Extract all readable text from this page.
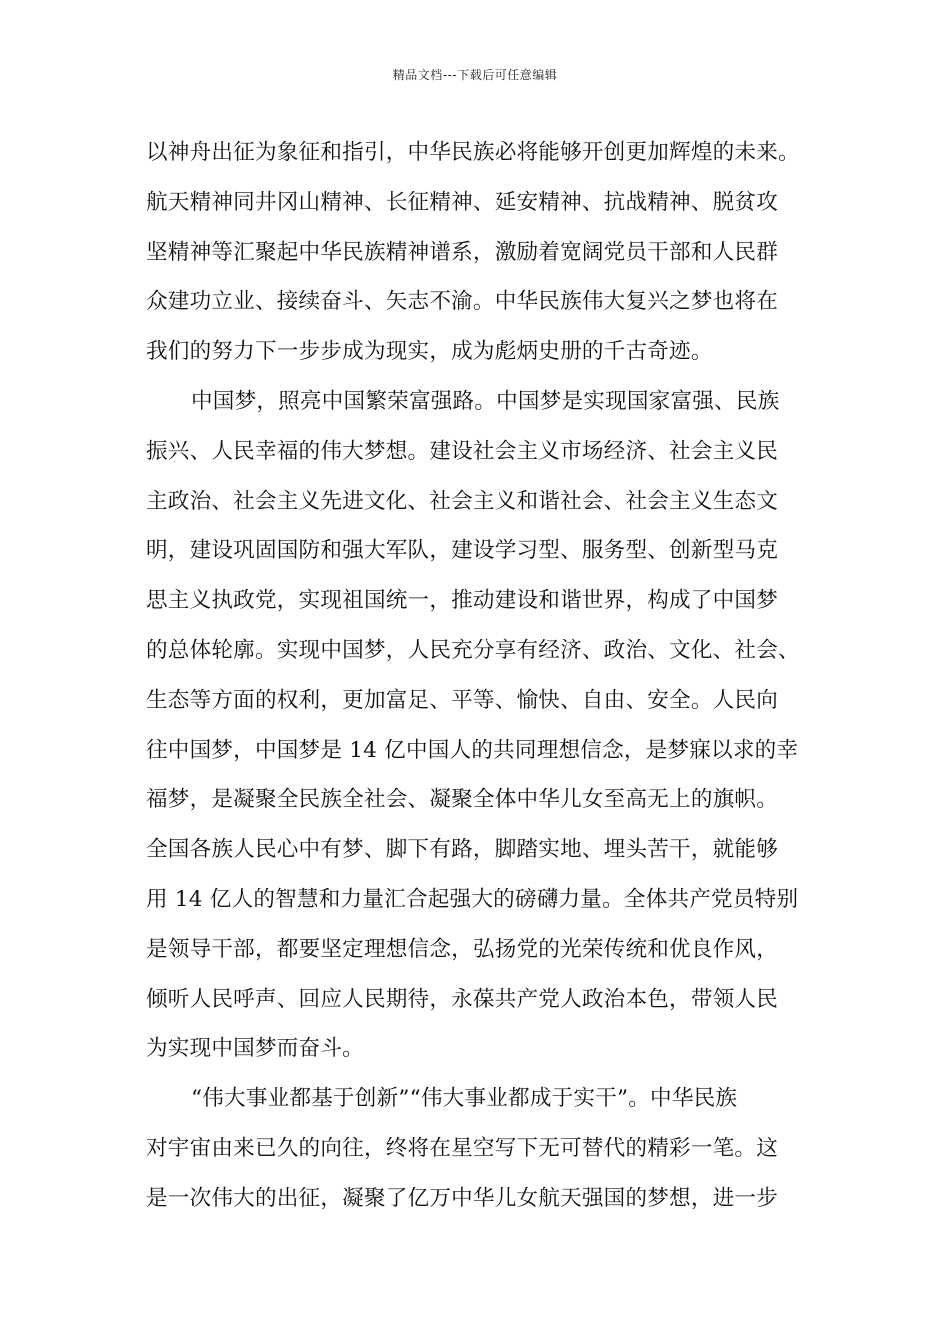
精品文档---下载后可任意编辑
以神舟出征为象征和指引，中华民族必将能够开创更加辉煌的未来。
航天精神同井冈山精神、长征精神、延安精神、抗战精神、脱贫攻
坚精神等汇聚起中华民族精神谱系，激励着宽阔党员干部和人民群
众建功立业、接续奋斗、矢志不渝。中华民族伟大复兴之梦也将在
我们的努力下一步步成为现实，成为彪炳史册的千古奇迹。
中国梦，照亮中国繁荣富强路。中国梦是实现国家富强、民族
振兴、人民幸福的伟大梦想。建设社会主义市场经济、社会主义民
主政治、社会主义先进文化、社会主义和谐社会、社会主义生态文
明，建设巩固国防和强大军队，建设学习型、服务型、创新型马克
思主义执政党，实现祖国统一，推动建设和谐世界，构成了中国梦
的总体轮廓。实现中国梦，人民充分享有经济、政治、文化、社会、
生态等方面的权利，更加富足、平等、愉快、自由、安全。人民向
往中国梦，中国梦是 14 亿中国人的共同理想信念，是梦寐以求的幸
福梦，是凝聚全民族全社会、凝聚全体中华儿女至高无上的旗帜。
全国各族人民心中有梦、脚下有路，脚踏实地、埋头苦干，就能够
用 14 亿人的智慧和力量汇合起强大的磅礴力量。全体共产党员特别
是领导干部，都要坚定理想信念，弘扬党的光荣传统和优良作风，
倾听人民呼声、回应人民期待，永葆共产党人政治本色，带领人民
为实现中国梦而奋斗。
“伟大事业都基于创新”“伟大事业都成于实干”。中华民族
对宇宙由来已久的向往，终将在星空写下无可替代的精彩一笔。这
是一次伟大的出征，凝聚了亿万中华儿女航天强国的梦想，进一步
